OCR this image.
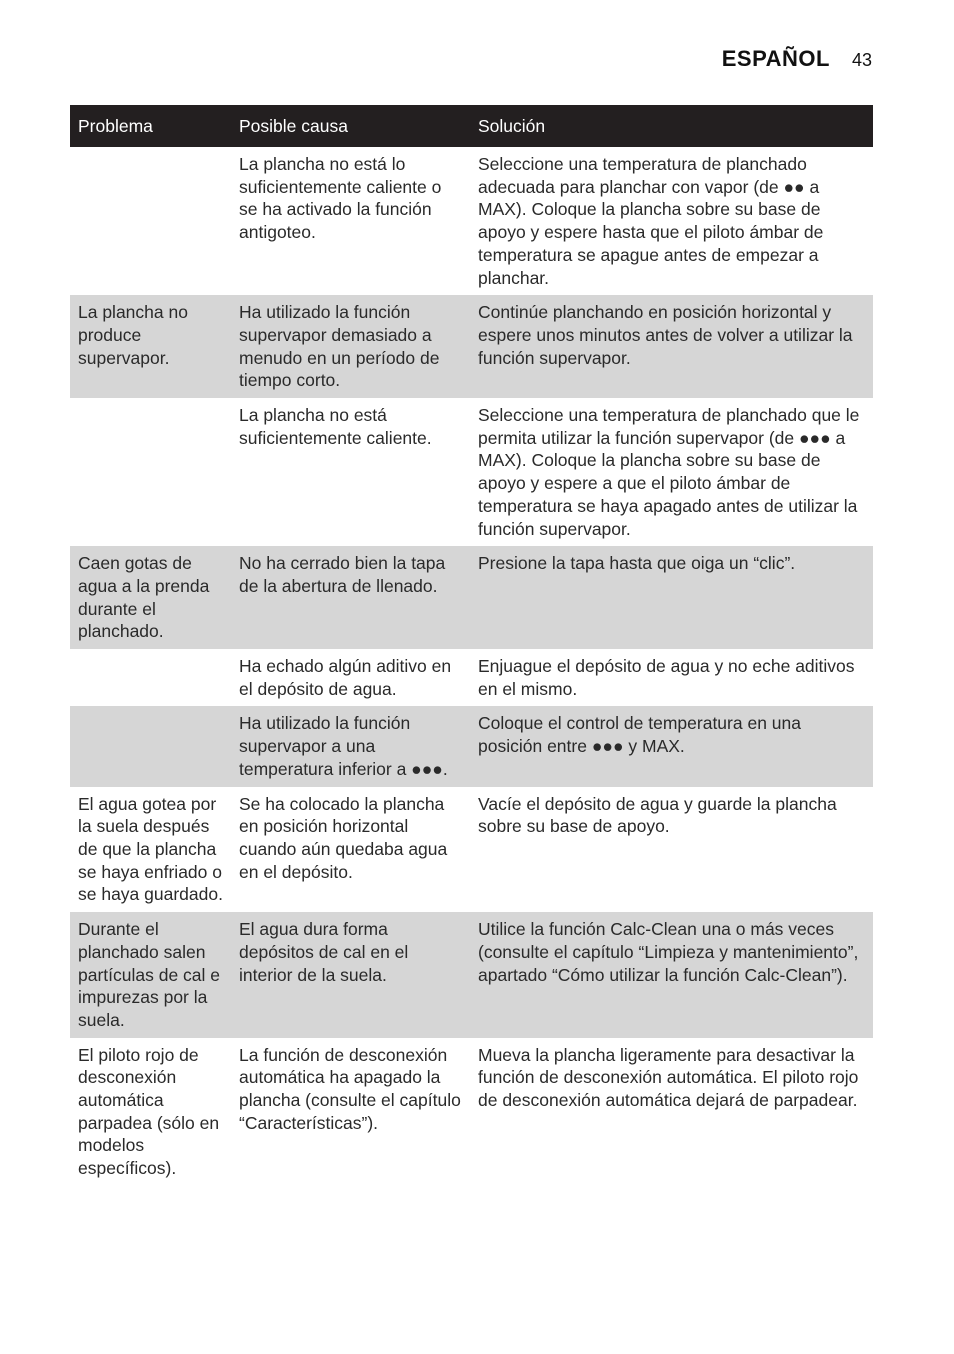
ESPAÑOL 43
Problema	Posible causa	Solución
	La plancha no está lo suficientemente caliente o se ha activado la función antigoteo.	Seleccione una temperatura de planchado adecuada para planchar con vapor (de ●● a MAX). Coloque la plancha sobre su base de apoyo y espere hasta que el piloto ámbar de temperatura se apague antes de empezar a planchar.
La plancha no produce supervapor.	Ha utilizado la función supervapor demasiado a menudo en un período de tiempo corto.	Continúe planchando en posición horizontal y espere unos minutos antes de volver a utilizar la función supervapor.
	La plancha no está suficientemente caliente.	Seleccione una temperatura de planchado que le permita utilizar la función supervapor (de ●●● a MAX). Coloque la plancha sobre su base de apoyo y espere a que el piloto ámbar de temperatura se haya apagado antes de utilizar la función supervapor.
Caen gotas de agua a la prenda durante el planchado.	No ha cerrado bien la tapa de la abertura de llenado.	Presione la tapa hasta que oiga un “clic”.
	Ha echado algún aditivo en el depósito de agua.	Enjuague el depósito de agua y no eche aditivos en el mismo.
	Ha utilizado la función supervapor a una temperatura inferior a ●●●.	Coloque el control de temperatura en una posición entre ●●● y MAX.
El agua gotea por la suela después de que la plancha se haya enfriado o se haya guardado.	Se ha colocado la plancha en posición horizontal cuando aún quedaba agua en el depósito.	Vacíe el depósito de agua y guarde la plancha sobre su base de apoyo.
Durante el planchado salen partículas de cal e impurezas por la suela.	El agua dura forma depósitos de cal en el interior de la suela.	Utilice la función Calc-Clean una o más veces (consulte el capítulo “Limpieza y mantenimiento”, apartado “Cómo utilizar la función Calc-Clean”).
El piloto rojo de desconexión automática parpadea (sólo en modelos específicos).	La función de desconexión automática ha apagado la plancha (consulte el capítulo “Características”).	Mueva la plancha ligeramente para desactivar la función de desconexión automática. El piloto rojo de desconexión automática dejará de parpadear.
